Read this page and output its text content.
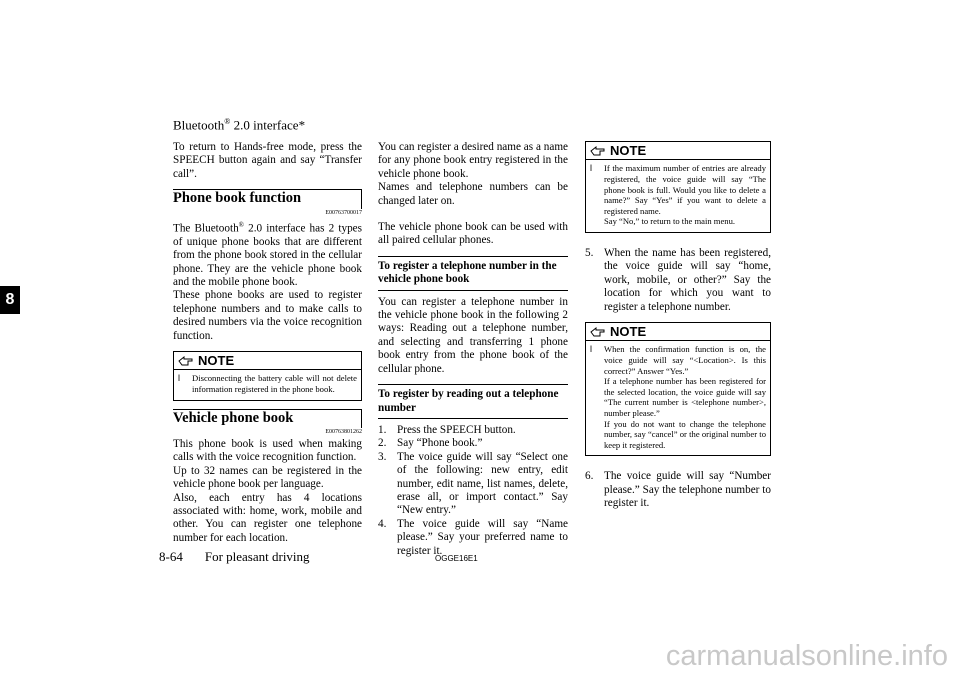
Bluetooth® 2.0 interface*
8

To return to Hands-free mode, press the SPEECH button again and say “Transfer call”.

Phone book function
E00763700017

The Bluetooth® 2.0 interface has 2 types of unique phone books that are different from the phone book stored in the cellular phone. They are the vehicle phone book and the mobile phone book.

These phone books are used to register telephone numbers and to make calls to desired numbers via the voice recognition function.

NOTE
l	Disconnecting the battery cable will not delete information registered in the phone book.
Vehicle phone book
E00763801262

This phone book is used when making calls with the voice recognition function.

Up to 32 names can be registered in the vehicle phone book per language.

Also, each entry has 4 locations associated with: home, work, mobile and other. You can register one telephone number for each location.

You can register a desired name as a name for any phone book entry registered in the vehicle phone book.

Names and telephone numbers can be changed later on.

The vehicle phone book can be used with all paired cellular phones.

To register a telephone number in the vehicle phone book

You can register a telephone number in the vehicle phone book in the following 2 ways: Reading out a telephone number, and selecting and transferring 1 phone book entry from the phone book of the cellular phone.

To register by reading out a telephone number
1. Press the SPEECH button.
2. Say “Phone book.”
3. The voice guide will say “Select one of the following: new entry, edit number, edit name, list names, delete, erase all, or import contact.” Say “New entry.”
4. The voice guide will say “Name please.” Say your preferred name to register it.
NOTE
l	If the maximum number of entries are already registered, the voice guide will say “The phone book is full. Would you like to delete a name?” Say “Yes” if you want to delete a registered name.
Say “No,” to return to the main menu.
5. When the name has been registered, the voice guide will say “home, work, mobile, or other?” Say the location for which you want to register a telephone number.
NOTE
l	When the confirmation function is on, the voice guide will say “<Location>. Is this correct?” Answer “Yes.”
If a telephone number has been registered for the selected location, the voice guide will say “The current number is <telephone number>, number please.”
If you do not want to change the telephone number, say “cancel” or the original number to keep it registered.
6. The voice guide will say “Number please.” Say the telephone number to register it.
8-64 For pleasant driving	OGGE16E1
carmanualsonline.info
